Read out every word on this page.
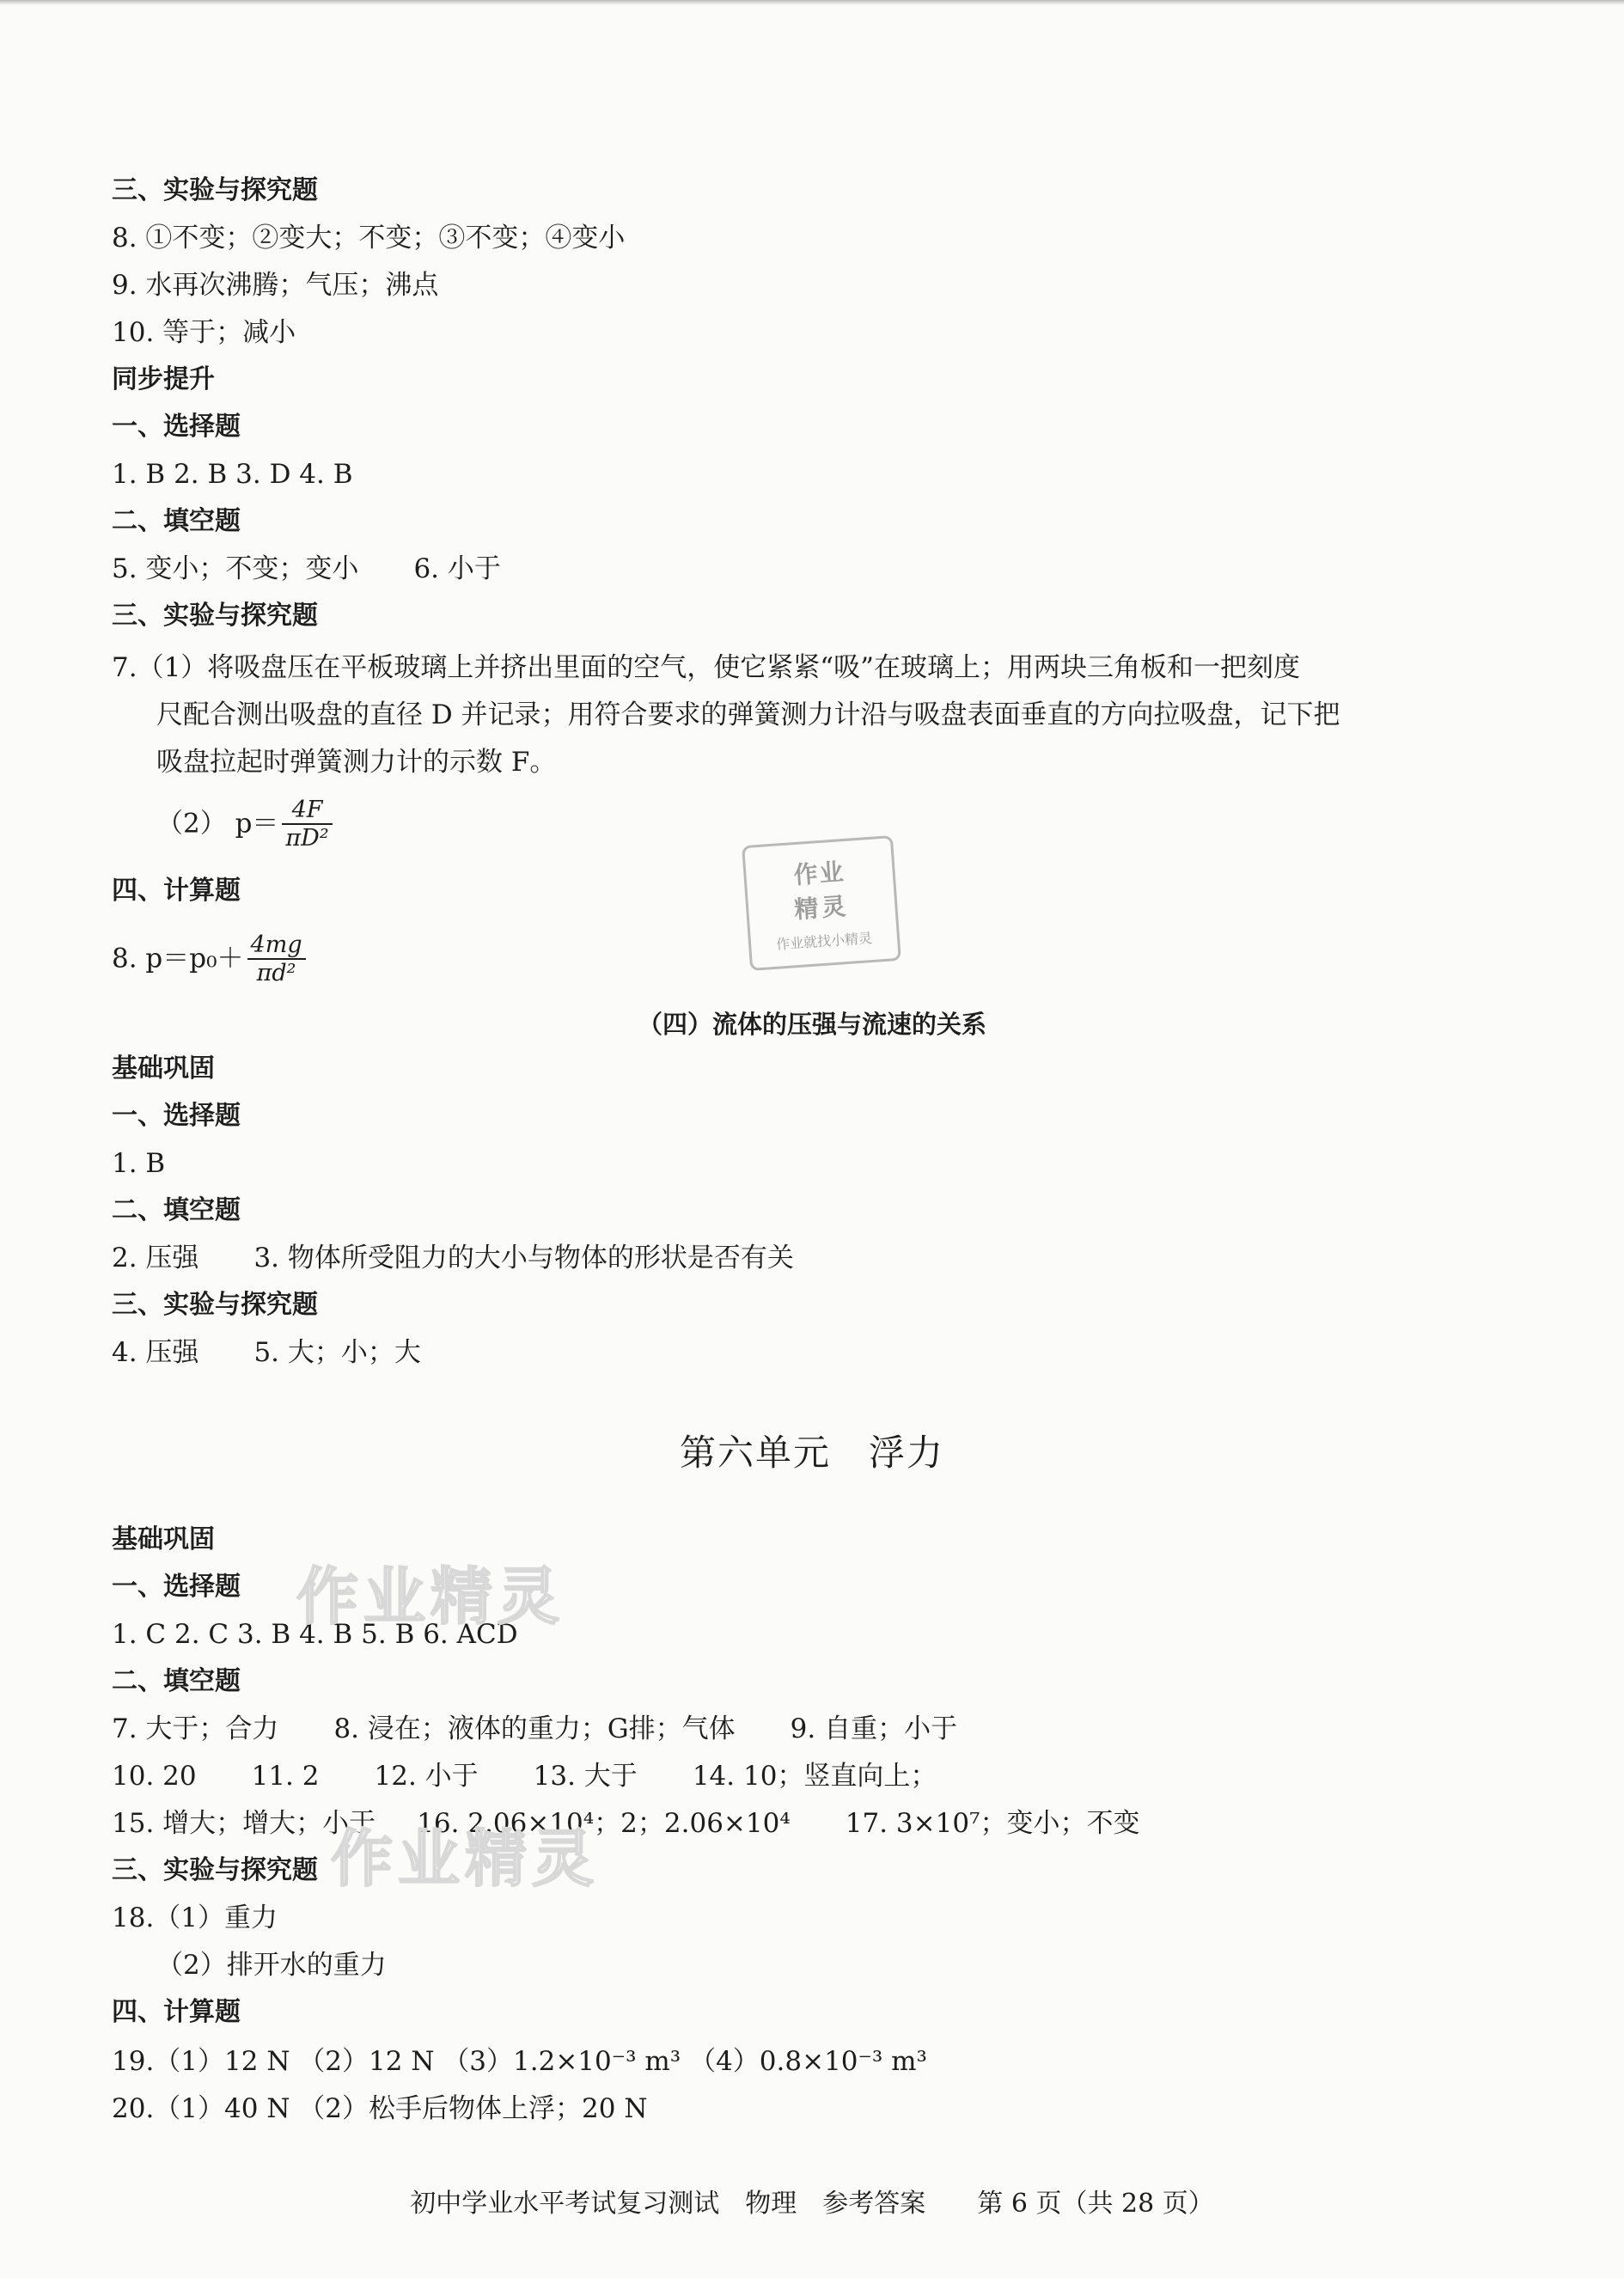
三、实验与探究题
8. ①不变；②变大；不变；③不变；④变小
9. 水再次沸腾；气压；沸点
10. 等于；减小
同步提升
一、选择题
1. B 2. B 3. D 4. B
二、填空题
5. 变小；不变；变小 6. 小于
三、实验与探究题
7.（1）将吸盘压在平板玻璃上并挤出里面的空气，使它紧紧“吸”在玻璃上；用两块三角板和一把刻度
尺配合测出吸盘的直径 D 并记录；用符合要求的弹簧测力计沿与吸盘表面垂直的方向拉吸盘，记下把
吸盘拉起时弹簧测力计的示数 F。
（2） $p= \frac{4F}{\text{πD²}}$
四、计算题
8. $p=p_0+ \frac{4mg}{\text{πd²}}$
（四）流体的压强与流速的关系
基础巩固
一、选择题
1. B
二、填空题
2. 压强 3. 物体所受阻力的大小与物体的形状是否有关
三、实验与探究题
4. 压强 5. 大；小；大
第六单元　浮力
基础巩固
一、选择题
1. C 2. C 3. B 4. B 5. B 6. ACD
二、填空题
7. 大于；合力 8. 浸在；液体的重力；G排；气体 9. 自重；小于
10. 20 11. 2 12. 小于 13. 大于 14. 10；竖直向上；
15. 增大；增大；小于 16. 2.06×10⁴；2；2.06×10⁴ 17. 3×10⁷；变小；不变
三、实验与探究题
18.（1）重力
（2）排开水的重力
四、计算题
19.（1）12 N （2）12 N （3）1.2×10⁻³ m³ （4）0.8×10⁻³ m³
20.（1）40 N （2）松手后物体上浮；20 N
作业
精灵
作业就找小精灵
作业精灵
作业精灵
初中学业水平考试复习测试　物理　参考答案　　第 6 页（共 28 页）
